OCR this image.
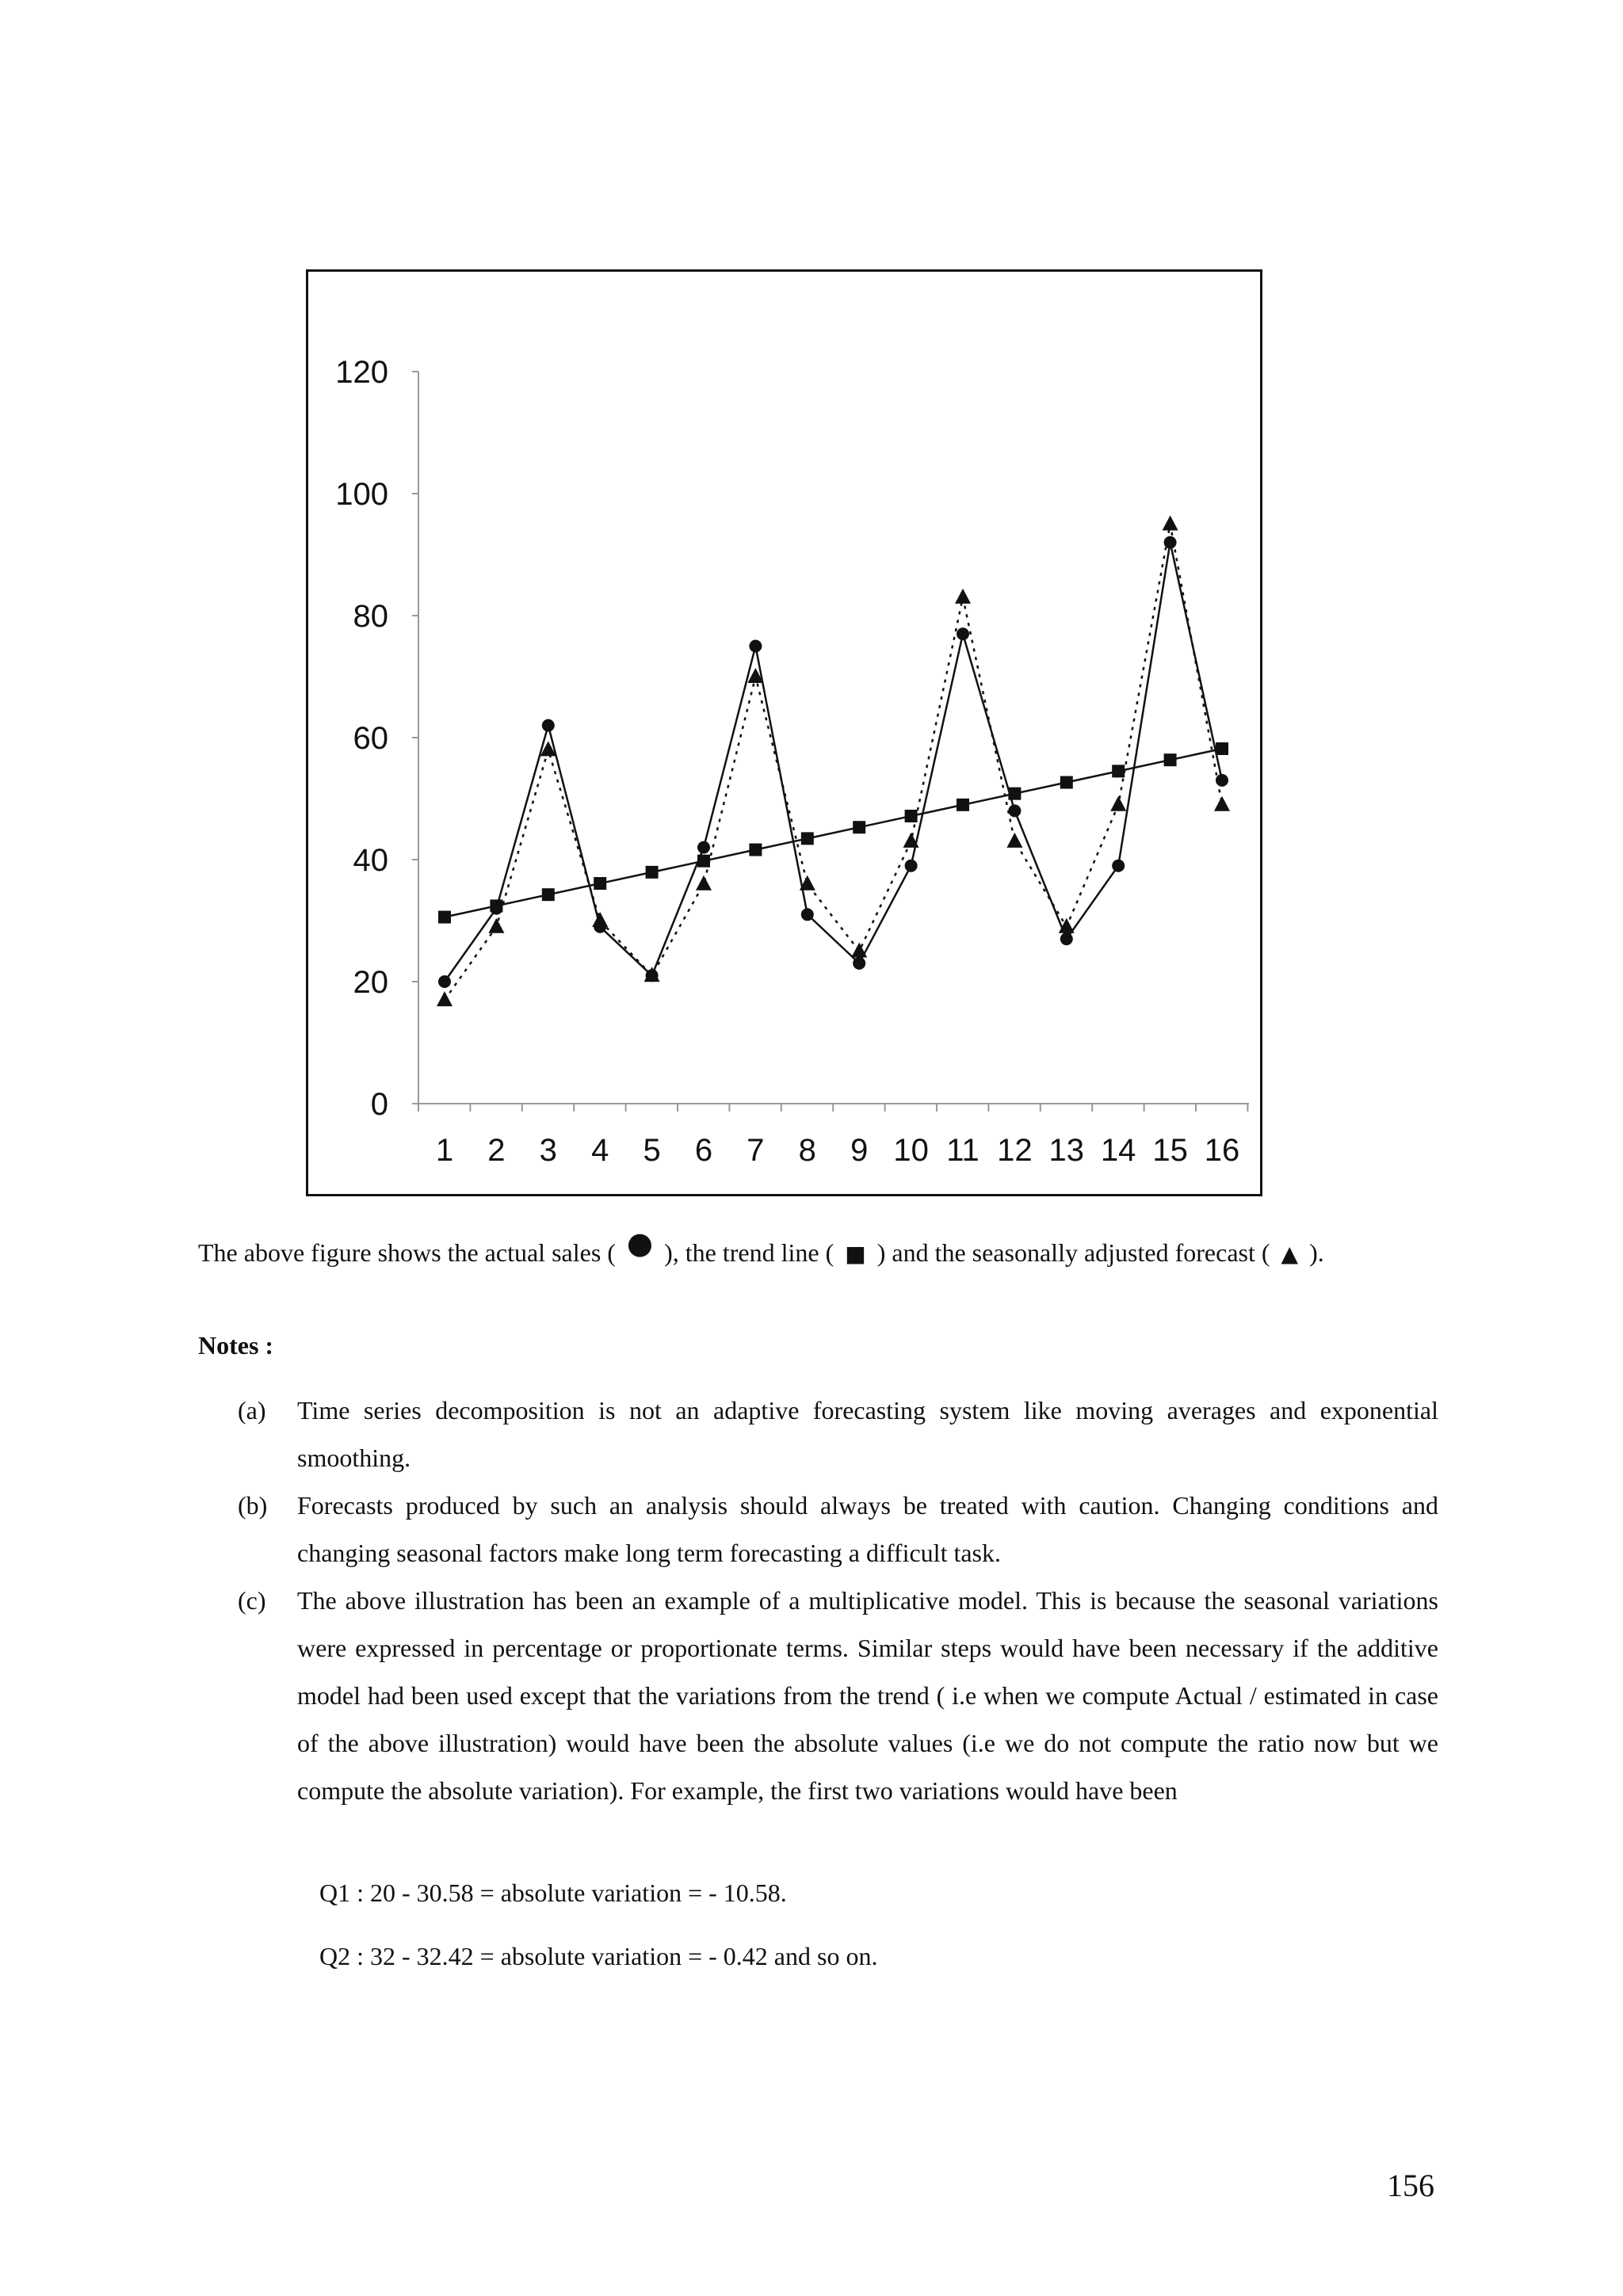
0
20
40
60
80
100
120
1 2 3 4 5 6 7 8 9 10 11 12 13 14 15 16
The above figure shows the actual sales ( ● ), the trend line ( ■ ) and the seasonally adjusted forecast ( ▲ ).
Notes :
(a) Time series decomposition is not an adaptive forecasting system like moving averages and exponential smoothing.
(b) Forecasts produced by such an analysis should always be treated with caution. Changing conditions and changing seasonal factors make long term forecasting a difficult task.
(c) The above illustration has been an example of a multiplicative model. This is because the seasonal variations were expressed in percentage or proportionate terms. Similar steps would have been necessary if the additive model had been used except that the variations from the trend ( i.e when we compute Actual / estimated in case of the above illustration) would have been the absolute values (i.e we do not compute the ratio now but we compute the absolute variation). For example, the first two variations would have been
Q1 : 20 - 30.58 = absolute variation = - 10.58.
Q2 : 32 - 32.42 = absolute variation = - 0.42 and so on.
156
